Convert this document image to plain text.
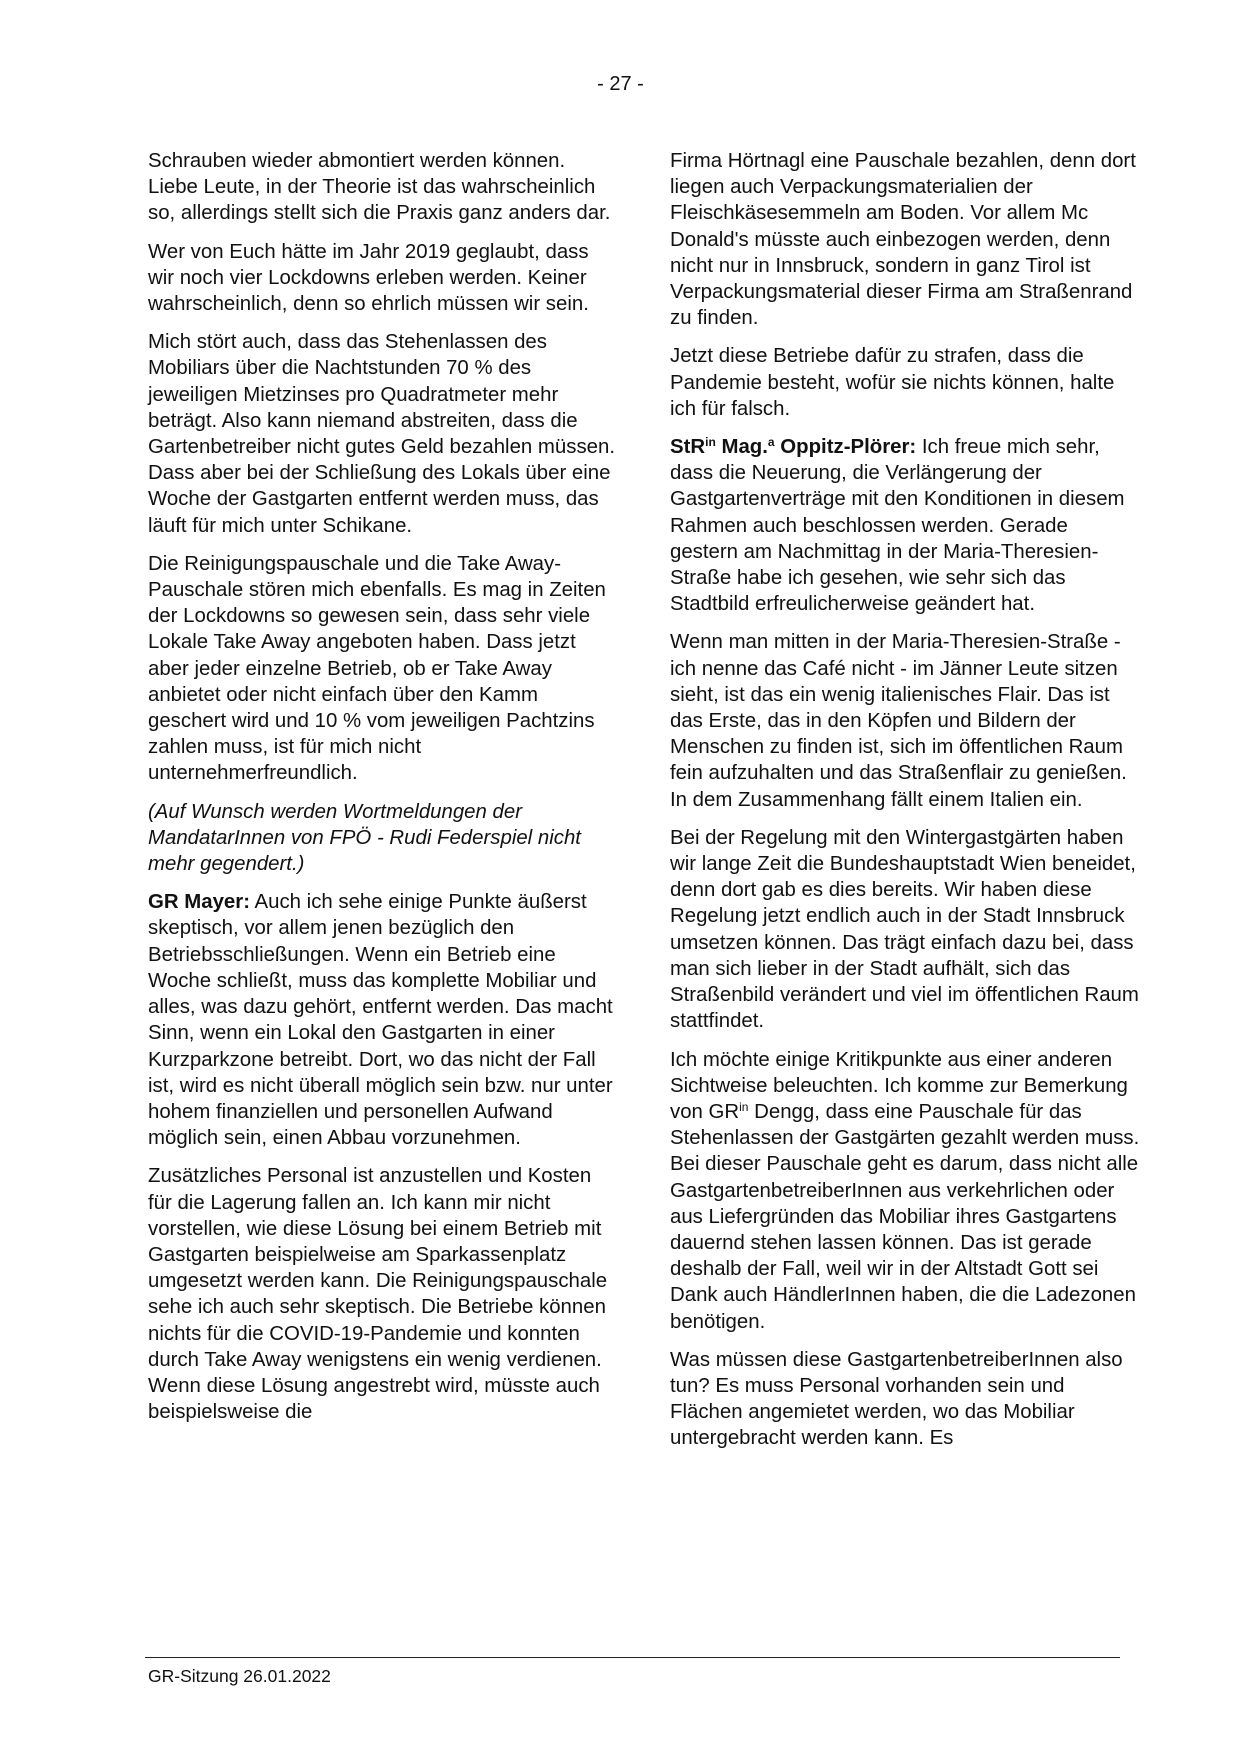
- 27 -

Schrauben wieder abmontiert werden können. Liebe Leute, in der Theorie ist das wahrscheinlich so, allerdings stellt sich die Praxis ganz anders dar.

Wer von Euch hätte im Jahr 2019 geglaubt, dass wir noch vier Lockdowns erleben werden. Keiner wahrscheinlich, denn so ehrlich müssen wir sein.

Mich stört auch, dass das Stehenlassen des Mobiliars über die Nachtstunden 70 % des jeweiligen Mietzinses pro Quadratmeter mehr beträgt. Also kann niemand abstreiten, dass die Gartenbetreiber nicht gutes Geld bezahlen müssen. Dass aber bei der Schließung des Lokals über eine Woche der Gastgarten entfernt werden muss, das läuft für mich unter Schikane.

Die Reinigungspauschale und die Take Away-Pauschale stören mich ebenfalls. Es mag in Zeiten der Lockdowns so gewesen sein, dass sehr viele Lokale Take Away angeboten haben. Dass jetzt aber jeder einzelne Betrieb, ob er Take Away anbietet oder nicht einfach über den Kamm geschert wird und 10 % vom jeweiligen Pachtzins zahlen muss, ist für mich nicht unternehmerfreundlich.

(Auf Wunsch werden Wortmeldungen der MandatarInnen von FPÖ - Rudi Federspiel nicht mehr gegendert.)

GR Mayer: Auch ich sehe einige Punkte äußerst skeptisch, vor allem jenen bezüglich den Betriebsschließungen. Wenn ein Betrieb eine Woche schließt, muss das komplette Mobiliar und alles, was dazu gehört, entfernt werden. Das macht Sinn, wenn ein Lokal den Gastgarten in einer Kurzparkzone betreibt. Dort, wo das nicht der Fall ist, wird es nicht überall möglich sein bzw. nur unter hohem finanziellen und personellen Aufwand möglich sein, einen Abbau vorzunehmen.

Zusätzliches Personal ist anzustellen und Kosten für die Lagerung fallen an. Ich kann mir nicht vorstellen, wie diese Lösung bei einem Betrieb mit Gastgarten beispielweise am Sparkassenplatz umgesetzt werden kann. Die Reinigungspauschale sehe ich auch sehr skeptisch. Die Betriebe können nichts für die COVID-19-Pandemie und konnten durch Take Away wenigstens ein wenig verdienen. Wenn diese Lösung angestrebt wird, müsste auch beispielsweise die

Firma Hörtnagl eine Pauschale bezahlen, denn dort liegen auch Verpackungsmaterialien der Fleischkäsesemmeln am Boden. Vor allem Mc Donald's müsste auch einbezogen werden, denn nicht nur in Innsbruck, sondern in ganz Tirol ist Verpackungsmaterial dieser Firma am Straßenrand zu finden.

Jetzt diese Betriebe dafür zu strafen, dass die Pandemie besteht, wofür sie nichts können, halte ich für falsch.

StR$^{in}$ Mag.$^a$ Oppitz-Plörer: Ich freue mich sehr, dass die Neuerung, die Verlängerung der Gastgartenverträge mit den Konditionen in diesem Rahmen auch beschlossen werden. Gerade gestern am Nachmittag in der Maria-Theresien-Straße habe ich gesehen, wie sehr sich das Stadtbild erfreulicherweise geändert hat.

Wenn man mitten in der Maria-Theresien-Straße - ich nenne das Café nicht - im Jänner Leute sitzen sieht, ist das ein wenig italienisches Flair. Das ist das Erste, das in den Köpfen und Bildern der Menschen zu finden ist, sich im öffentlichen Raum fein aufzuhalten und das Straßenflair zu genießen. In dem Zusammenhang fällt einem Italien ein.

Bei der Regelung mit den Wintergastgärten haben wir lange Zeit die Bundeshauptstadt Wien beneidet, denn dort gab es dies bereits. Wir haben diese Regelung jetzt endlich auch in der Stadt Innsbruck umsetzen können. Das trägt einfach dazu bei, dass man sich lieber in der Stadt aufhält, sich das Straßenbild verändert und viel im öffentlichen Raum stattfindet.

Ich möchte einige Kritikpunkte aus einer anderen Sichtweise beleuchten. Ich komme zur Bemerkung von $GR^{in}$ Dengg, dass eine Pauschale für das Stehenlassen der Gastgärten gezahlt werden muss. Bei dieser Pauschale geht es darum, dass nicht alle GastgartenbetreiberInnen aus verkehrlichen oder aus Liefergründen das Mobiliar ihres Gastgartens dauernd stehen lassen können. Das ist gerade deshalb der Fall, weil wir in der Altstadt Gott sei Dank auch HändlerInnen haben, die die Ladezonen benötigen.

Was müssen diese GastgartenbetreiberInnen also tun? Es muss Personal vorhanden sein und Flächen angemietet werden, wo das Mobiliar untergebracht werden kann. Es

GR-Sitzung 26.01.2022
